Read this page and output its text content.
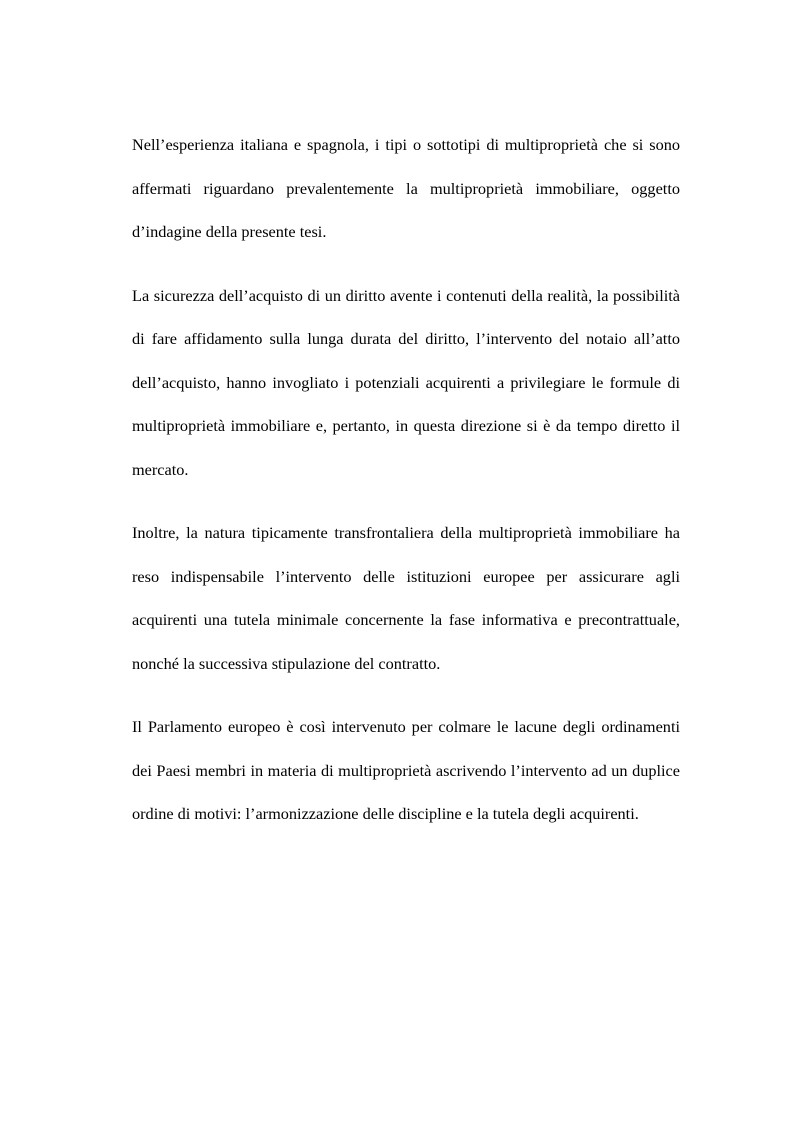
Nell’esperienza italiana e spagnola, i tipi o sottotipi di multiproprietà che si sono affermati riguardano prevalentemente la multiproprietà immobiliare, oggetto d’indagine della presente tesi.

La sicurezza dell’acquisto di un diritto avente i contenuti della realità, la possibilità di fare affidamento sulla lunga durata del diritto, l’intervento del notaio all’atto dell’acquisto, hanno invogliato i potenziali acquirenti a privilegiare le formule di multiproprietà immobiliare e, pertanto, in questa direzione si è da tempo diretto il mercato.

Inoltre, la natura tipicamente transfrontaliera della multiproprietà immobiliare ha reso indispensabile l’intervento delle istituzioni europee per assicurare agli acquirenti una tutela minimale concernente la fase informativa e precontrattuale, nonché la successiva stipulazione del contratto.

Il Parlamento europeo è così intervenuto per colmare le lacune degli ordinamenti dei Paesi membri in materia di multiproprietà ascrivendo l’intervento ad un duplice ordine di motivi: l’armonizzazione delle discipline e la tutela degli acquirenti.
